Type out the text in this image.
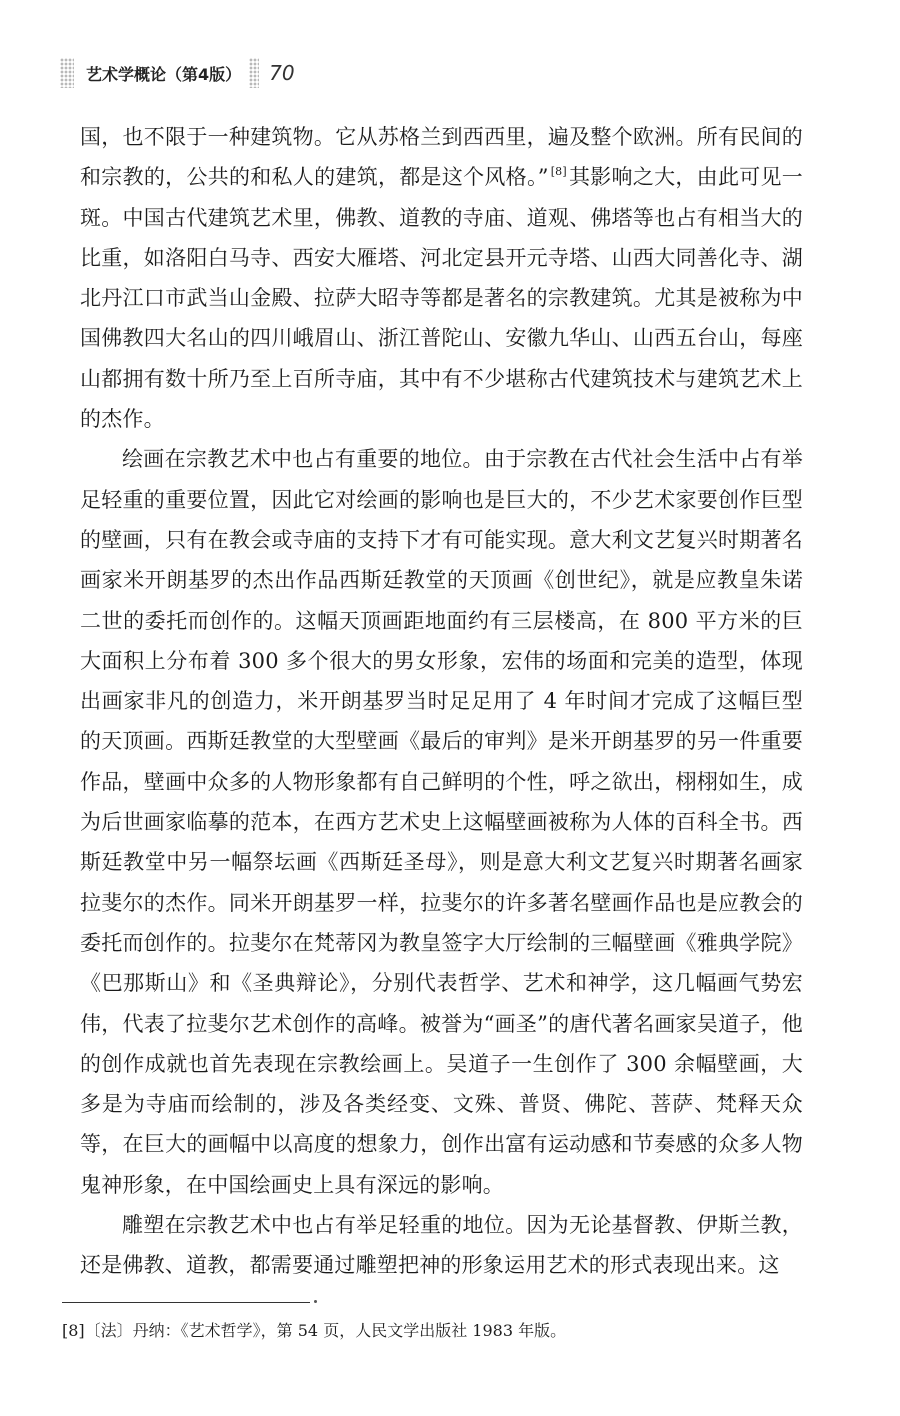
艺术学概论（第4版） 70

国，也不限于一种建筑物。它从苏格兰到西西里，遍及整个欧洲。所有民间的和宗教的，公共的和私人的建筑，都是这个风格。” [8]其影响之大，由此可见一斑。中国古代建筑艺术里，佛教、道教的寺庙、道观、佛塔等也占有相当大的比重，如洛阳白马寺、西安大雁塔、河北定县开元寺塔、山西大同善化寺、湖北丹江口市武当山金殿、拉萨大昭寺等都是著名的宗教建筑。尤其是被称为中国佛教四大名山的四川峨眉山、浙江普陀山、安徽九华山、山西五台山，每座山都拥有数十所乃至上百所寺庙，其中有不少堪称古代建筑技术与建筑艺术上的杰作。

绘画在宗教艺术中也占有重要的地位。由于宗教在古代社会生活中占有举足轻重的重要位置，因此它对绘画的影响也是巨大的，不少艺术家要创作巨型的壁画，只有在教会或寺庙的支持下才有可能实现。意大利文艺复兴时期著名画家米开朗基罗的杰出作品西斯廷教堂的天顶画《创世纪》，就是应教皇朱诺二世的委托而创作的。这幅天顶画距地面约有三层楼高，在 800 平方米的巨大面积上分布着 300 多个很大的男女形象，宏伟的场面和完美的造型，体现出画家非凡的创造力，米开朗基罗当时足足用了 4 年时间才完成了这幅巨型的天顶画。西斯廷教堂的大型壁画《最后的审判》是米开朗基罗的另一件重要作品，壁画中众多的人物形象都有自己鲜明的个性，呼之欲出，栩栩如生，成为后世画家临摹的范本，在西方艺术史上这幅壁画被称为人体的百科全书。西斯廷教堂中另一幅祭坛画《西斯廷圣母》，则是意大利文艺复兴时期著名画家拉斐尔的杰作。同米开朗基罗一样，拉斐尔的许多著名壁画作品也是应教会的委托而创作的。拉斐尔在梵蒂冈为教皇签字大厅绘制的三幅壁画《雅典学院》《巴那斯山》和《圣典辩论》，分别代表哲学、艺术和神学，这几幅画气势宏伟，代表了拉斐尔艺术创作的高峰。被誉为“画圣”的唐代著名画家吴道子，他的创作成就也首先表现在宗教绘画上。吴道子一生创作了 300 余幅壁画，大多是为寺庙而绘制的，涉及各类经变、文殊、普贤、佛陀、菩萨、梵释天众等，在巨大的画幅中以高度的想象力，创作出富有运动感和节奏感的众多人物鬼神形象，在中国绘画史上具有深远的影响。

雕塑在宗教艺术中也占有举足轻重的地位。因为无论基督教、伊斯兰教，还是佛教、道教，都需要通过雕塑把神的形象运用艺术的形式表现出来。这

[8]〔法〕丹纳：《艺术哲学》，第 54 页，人民文学出版社 1983 年版。
